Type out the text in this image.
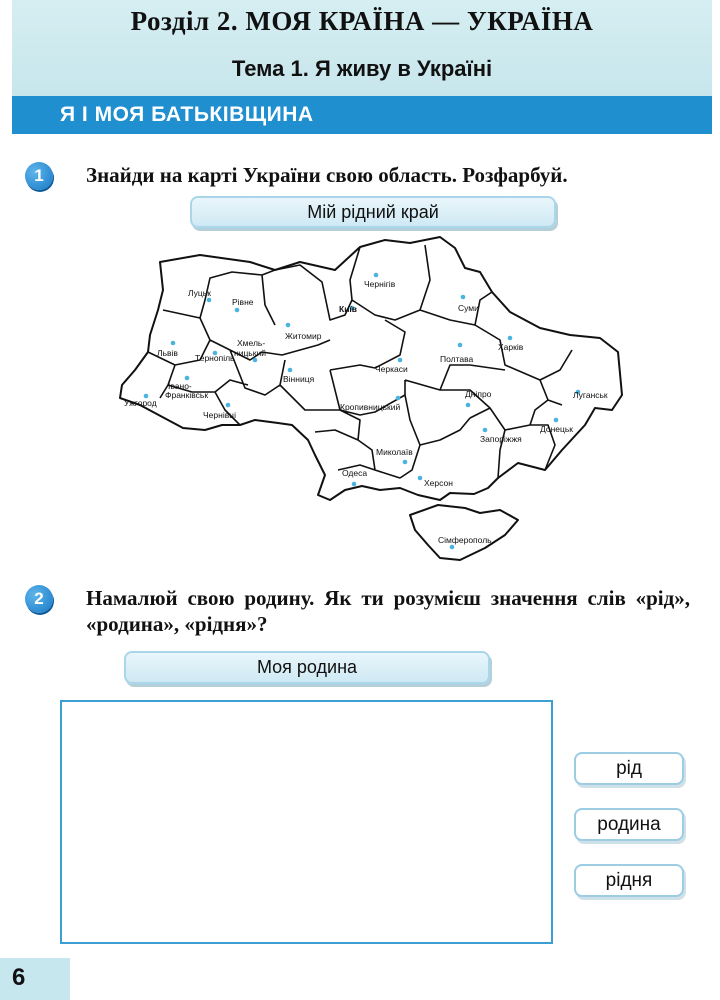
Розділ 2. МОЯ КРАЇНА — УКРАЇНА
Тема 1. Я живу в Україні
Я І МОЯ БАТЬКІВЩИНА
1	Знайди на карті України свою область. Розфарбуй.
Мій рідний край
Луцьк
Рівне
Житомир
Київ
Чернігів
Суми
Львів Тернопіль
Хмель-
ницький
Вінниця
Івано-
Франківськ
Ужгород
Чернівці
Черкаси
Полтава
Харків
Кропивницький
Дніпро	Луганськ
Донецьк
Запоріжжя
Миколаїв
Одеса
Херсон
Сімферополь
2	Намалюй свою родину. Як ти розумієш значення слів «рід», «родина», «рідня»?
Моя родина
рід
родина
рідня
6
